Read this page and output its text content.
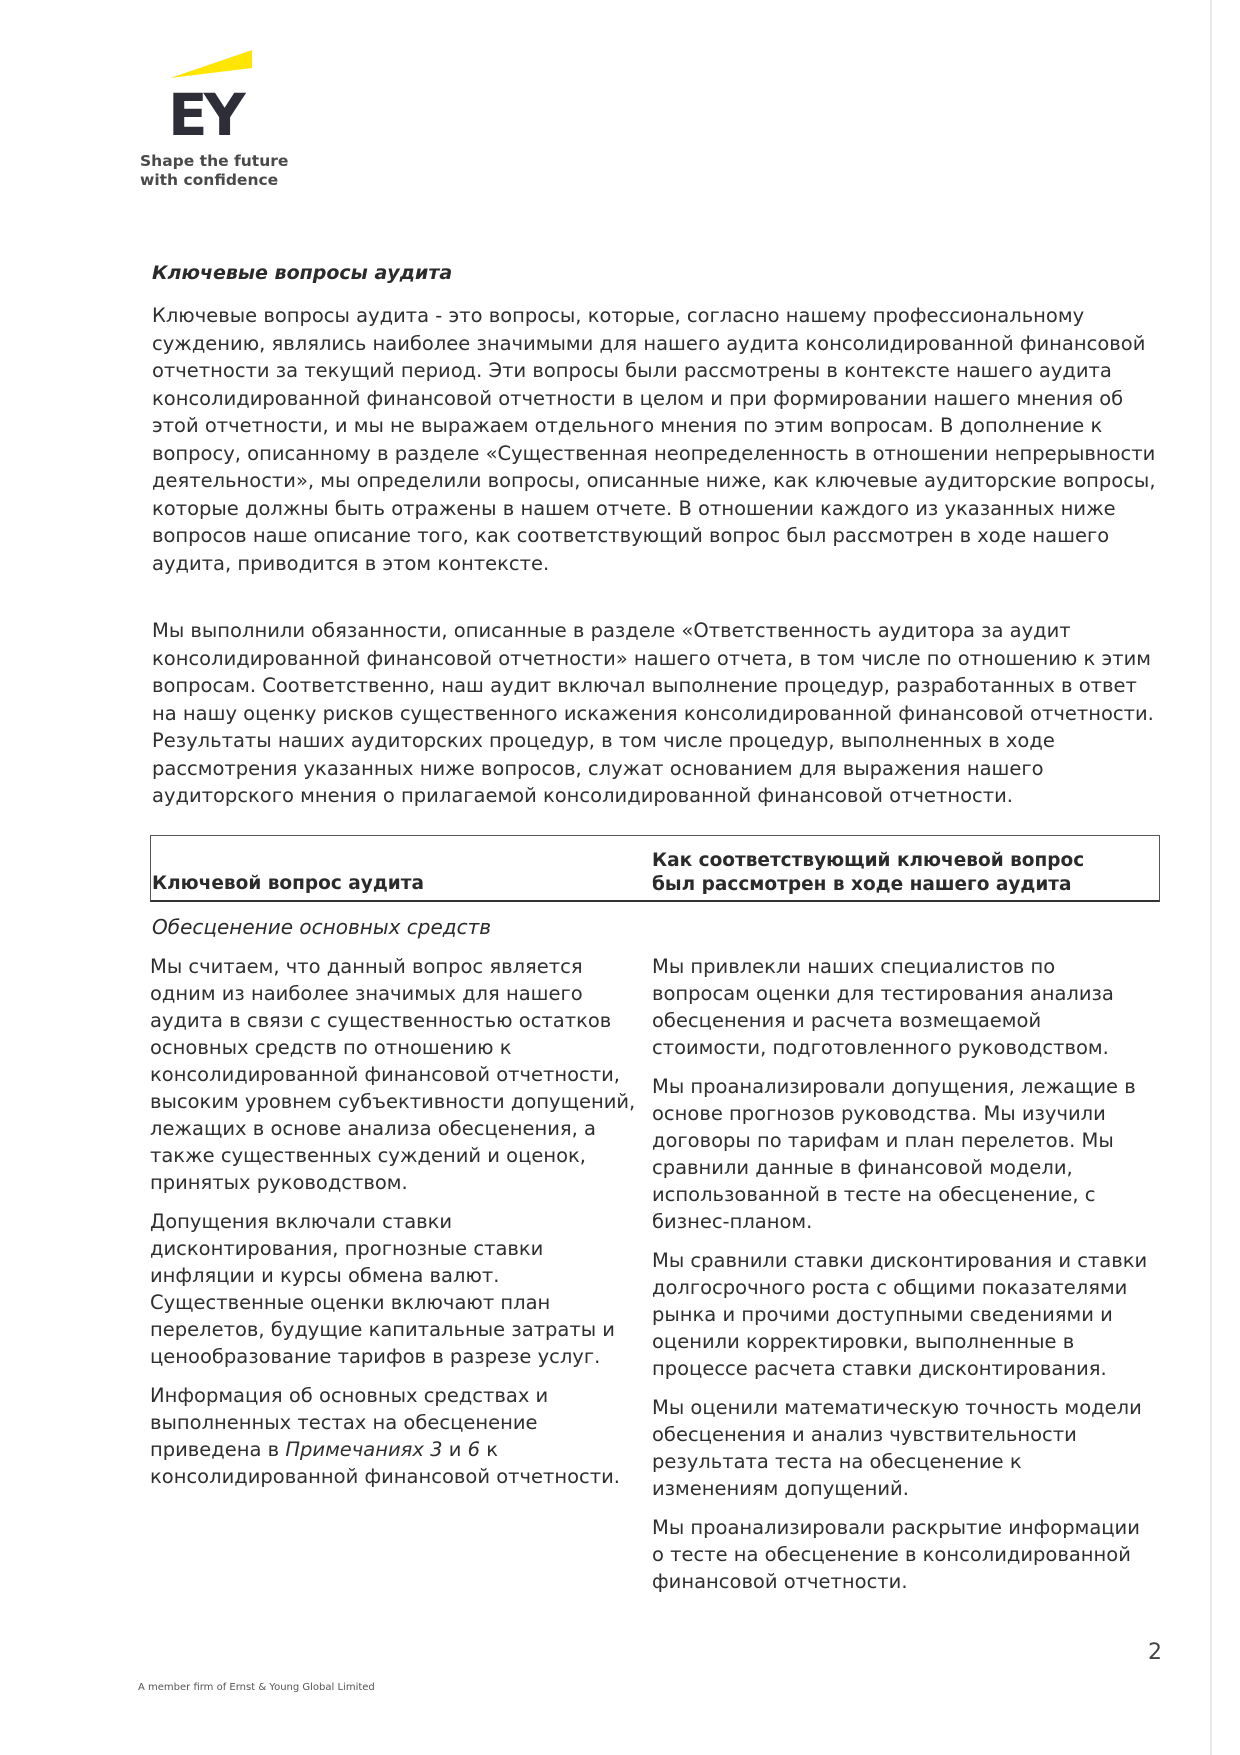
EY
Shape the future
with confidence
Ключевые вопросы аудита
Ключевые вопросы аудита - это вопросы, которые, согласно нашему профессиональному суждению, являлись наиболее значимыми для нашего аудита консолидированной финансовой отчетности за текущий период. Эти вопросы были рассмотрены в контексте нашего аудита консолидированной финансовой отчетности в целом и при формировании нашего мнения об этой отчетности, и мы не выражаем отдельного мнения по этим вопросам. В дополнение к вопросу, описанному в разделе «Существенная неопределенность в отношении непрерывности деятельности», мы определили вопросы, описанные ниже, как ключевые аудиторские вопросы, которые должны быть отражены в нашем отчете. В отношении каждого из указанных ниже вопросов наше описание того, как соответствующий вопрос был рассмотрен в ходе нашего аудита, приводится в этом контексте.
Мы выполнили обязанности, описанные в разделе «Ответственность аудитора за аудит консолидированной финансовой отчетности» нашего отчета, в том числе по отношению к этим вопросам. Соответственно, наш аудит включал выполнение процедур, разработанных в ответ на нашу оценку рисков существенного искажения консолидированной финансовой отчетности. Результаты наших аудиторских процедур, в том числе процедур, выполненных в ходе рассмотрения указанных ниже вопросов, служат основанием для выражения нашего аудиторского мнения о прилагаемой консолидированной финансовой отчетности.
Ключевой вопрос аудита
Как соответствующий ключевой вопрос был рассмотрен в ходе нашего аудита
Обесценение основных средств

Мы считаем, что данный вопрос является одним из наиболее значимых для нашего аудита в связи с существенностью остатков основных средств по отношению к консолидированной финансовой отчетности, высоким уровнем субъективности допущений, лежащих в основе анализа обесценения, а также существенных суждений и оценок, принятых руководством.

Допущения включали ставки дисконтирования, прогнозные ставки инфляции и курсы обмена валют. Существенные оценки включают план перелетов, будущие капитальные затраты и ценообразование тарифов в разрезе услуг.

Информация об основных средствах и выполненных тестах на обесценение приведена в Примечаниях 3 и 6 к консолидированной финансовой отчетности.

Мы привлекли наших специалистов по вопросам оценки для тестирования анализа обесценения и расчета возмещаемой стоимости, подготовленного руководством.

Мы проанализировали допущения, лежащие в основе прогнозов руководства. Мы изучили договоры по тарифам и план перелетов. Мы сравнили данные в финансовой модели, использованной в тесте на обесценение, с бизнес-планом.

Мы сравнили ставки дисконтирования и ставки долгосрочного роста с общими показателями рынка и прочими доступными сведениями и оценили корректировки, выполненные в процессе расчета ставки дисконтирования.

Мы оценили математическую точность модели обесценения и анализ чувствительности результата теста на обесценение к изменениям допущений.

Мы проанализировали раскрытие информации о тесте на обесценение в консолидированной финансовой отчетности.

2
A member firm of Ernst & Young Global Limited
